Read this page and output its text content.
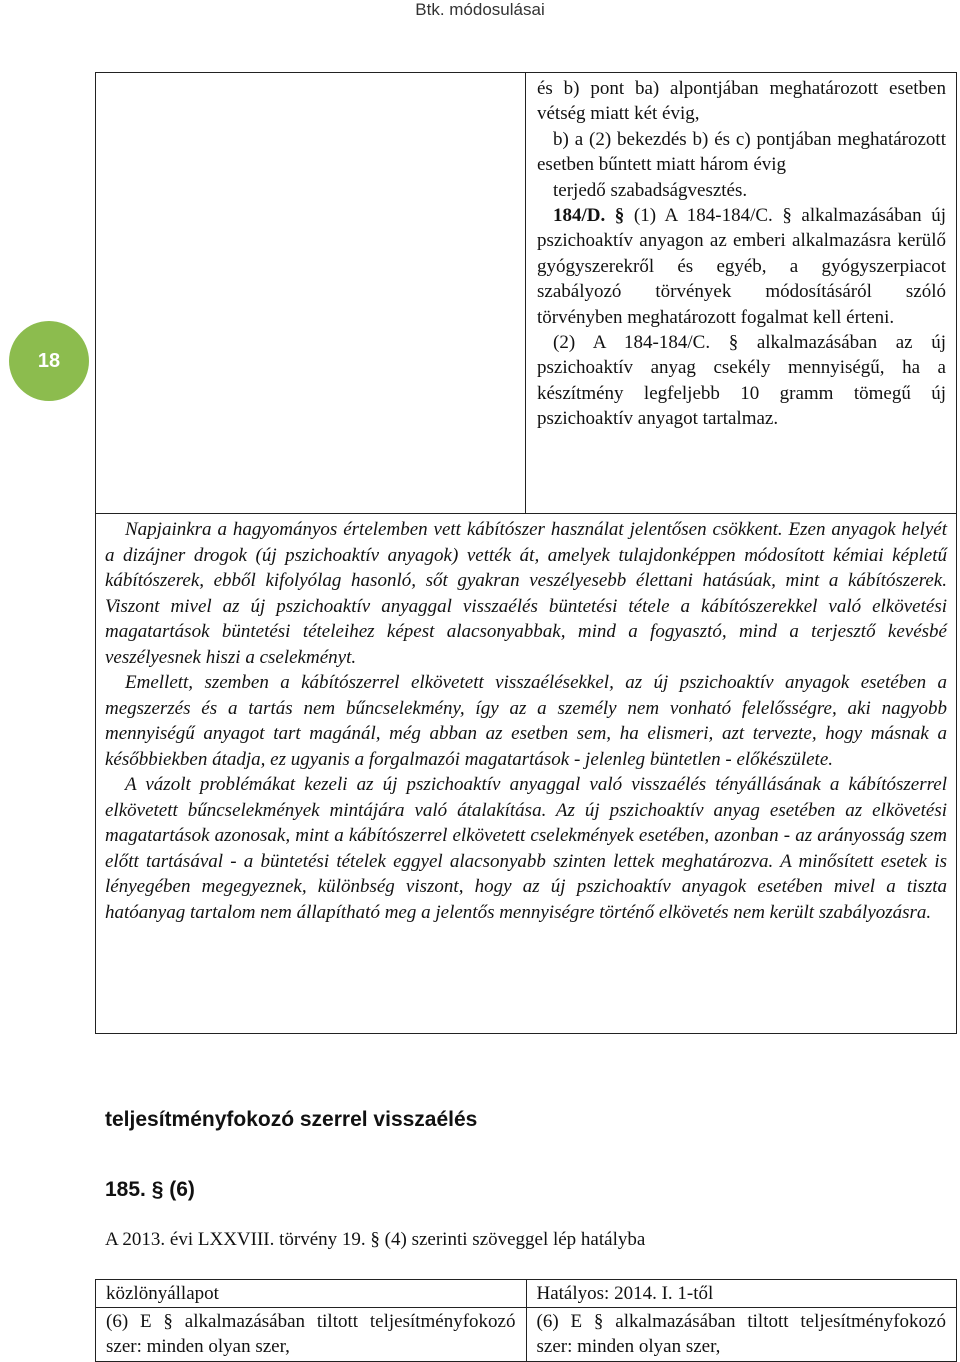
Btk. módosulásai
18

és b) pont ba) alpontjában meghatározott esetben vétség miatt két évig,

b) a (2) bekezdés b) és c) pontjában meghatározott esetben bűntett miatt három évig

terjedő szabadságvesztés.

184/D. § (1) A 184-184/C. § alkalmazásában új pszichoaktív anyagon az emberi alkalmazásra kerülő gyógyszerekről és egyéb, a gyógyszerpiacot szabályozó törvények módosításáról szóló törvényben meghatározott fogalmat kell érteni.

(2) A 184-184/C. § alkalmazásában az új pszichoaktív anyag csekély mennyiségű, ha a készítmény legfeljebb 10 gramm tömegű új pszichoaktív anyagot tartalmaz.

Napjainkra a hagyományos értelemben vett kábítószer használat jelentősen csökkent. Ezen anyagok helyét a dizájner drogok (új pszichoaktív anyagok) vették át, amelyek tulajdonképpen módosított kémiai képletű kábítószerek, ebből kifolyólag hasonló, sőt gyakran veszélyesebb élettani hatásúak, mint a kábítószerek. Viszont mivel az új pszichoaktív anyaggal visszaélés büntetési tétele a kábítószerekkel való elkövetési magatartások büntetési tételeihez képest alacsonyabbak, mind a fogyasztó, mind a terjesztő kevésbé veszélyesnek hiszi a cselekményt.

Emellett, szemben a kábítószerrel elkövetett visszaélésekkel, az új pszichoaktív anyagok esetében a megszerzés és a tartás nem bűncselekmény, így az a személy nem vonható felelősségre, aki nagyobb mennyiségű anyagot tart magánál, még abban az esetben sem, ha elismeri, azt tervezte, hogy másnak a későbbiekben átadja, ez ugyanis a forgalmazói magatartások - jelenleg büntetlen - előkészülete.

A vázolt problémákat kezeli az új pszichoaktív anyaggal való visszaélés tényállásának a kábítószerrel elkövetett bűncselekmények mintájára való átalakítása. Az új pszichoaktív anyag esetében az elkövetési magatartások azonosak, mint a kábítószerrel elkövetett cselekmények esetében, azonban - az arányosság szem előtt tartásával - a büntetési tételek eggyel alacsonyabb szinten lettek meghatározva. A minősített esetek is lényegében megegyeznek, különbség viszont, hogy az új pszichoaktív anyagok esetében mivel a tiszta hatóanyag tartalom nem állapítható meg a jelentős mennyiségre történő elkövetés nem került szabályozásra.

teljesítményfokozó szerrel visszaélés
185. § (6)
A 2013. évi LXXVIII. törvény 19. § (4) szerinti szöveggel lép hatályba
közlönyállapot	Hatályos: 2014. I. 1-től
(6) E § alkalmazásában tiltott teljesítményfokozó szer: minden olyan szer,	(6) E § alkalmazásában tiltott teljesítményfokozó szer: minden olyan szer,
